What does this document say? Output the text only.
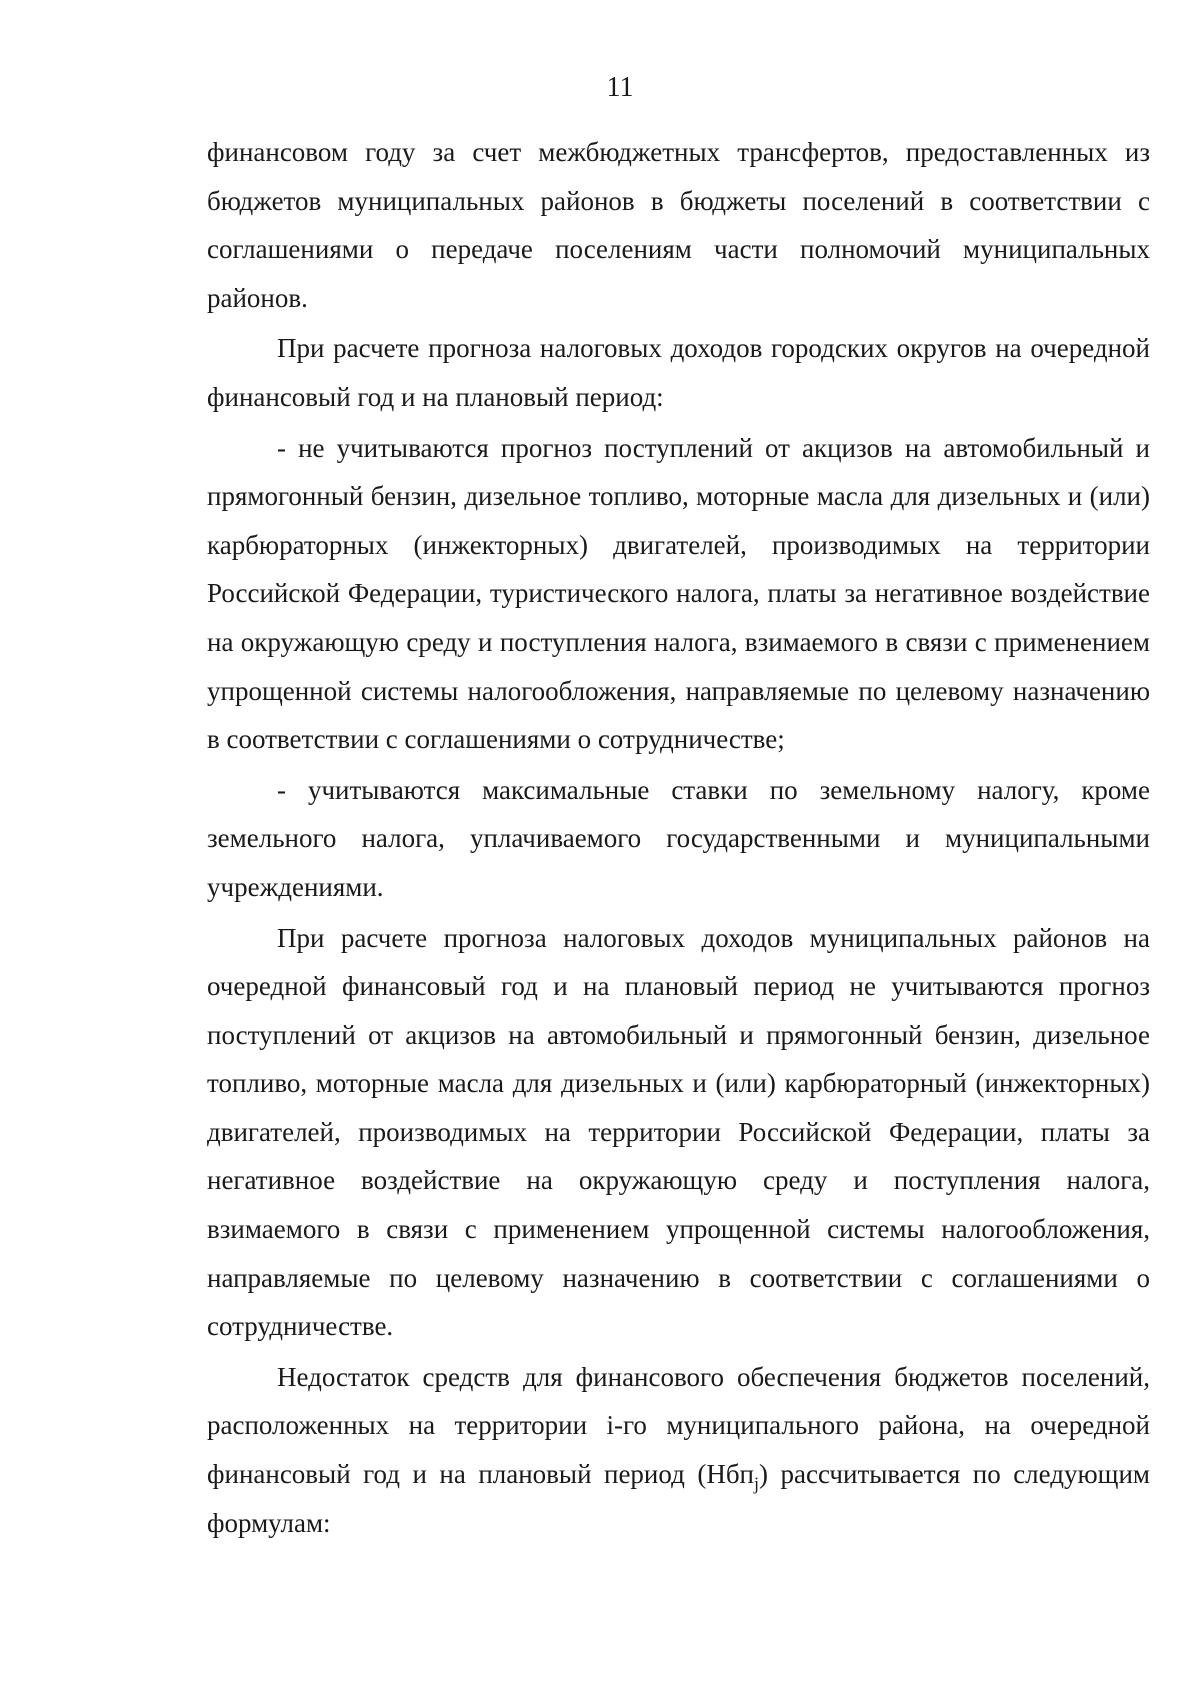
11

финансовом году за счет межбюджетных трансфертов, предоставленных из бюджетов муниципальных районов в бюджеты поселений в соответствии с соглашениями о передаче поселениям части полномочий муниципальных районов.

При расчете прогноза налоговых доходов городских округов на очередной финансовый год и на плановый период:

- не учитываются прогноз поступлений от акцизов на автомобильный и прямогонный бензин, дизельное топливо, моторные масла для дизельных и (или) карбюраторных (инжекторных) двигателей, производимых на территории Российской Федерации, туристического налога, платы за негативное воздействие на окружающую среду и поступления налога, взимаемого в связи с применением упрощенной системы налогообложения, направляемые по целевому назначению в соответствии с соглашениями о сотрудничестве;

- учитываются максимальные ставки по земельному налогу, кроме земельного налога, уплачиваемого государственными и муниципальными учреждениями.

При расчете прогноза налоговых доходов муниципальных районов на очередной финансовый год и на плановый период не учитываются прогноз поступлений от акцизов на автомобильный и прямогонный бензин, дизельное топливо, моторные масла для дизельных и (или) карбюраторный (инжекторных) двигателей, производимых на территории Российской Федерации, платы за негативное воздействие на окружающую среду и поступления налога, взимаемого в связи с применением упрощенной системы налогообложения, направляемые по целевому назначению в соответствии с соглашениями о сотрудничестве.

Недостаток средств для финансового обеспечения бюджетов поселений, расположенных на территории i-го муниципального района, на очередной финансовый год и на плановый период (Нбп$_j$) рассчитывается по следующим формулам:
